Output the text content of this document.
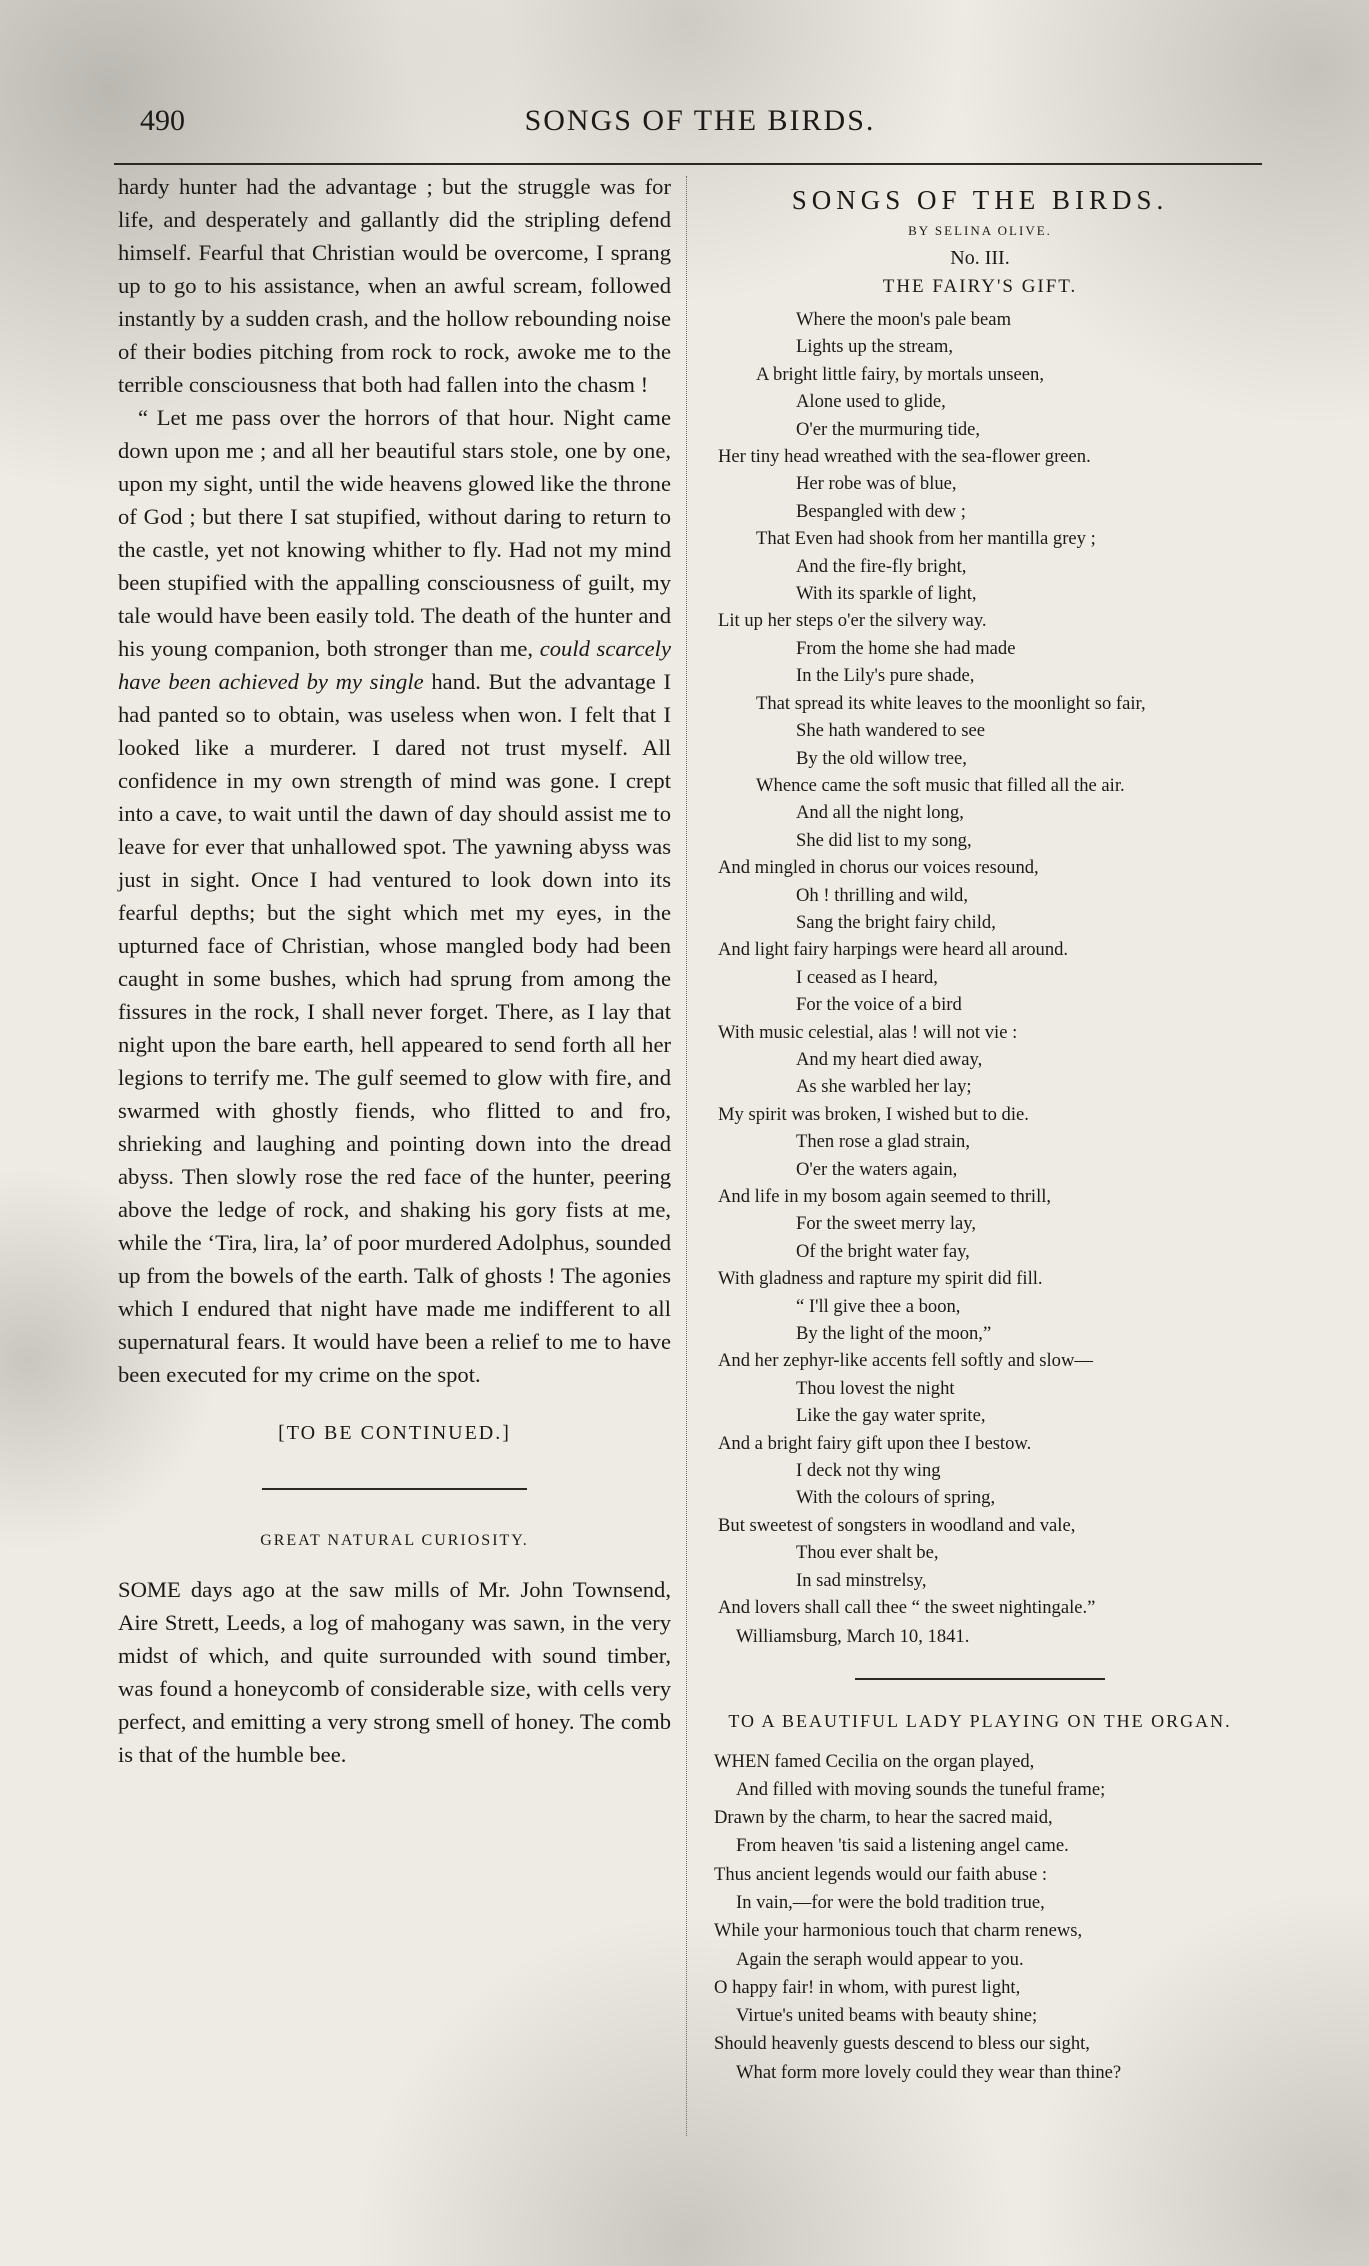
490	SONGS OF THE BIRDS.

hardy hunter had the advantage ; but the struggle was for life, and desperately and gallantly did the stripling defend himself. Fearful that Christian would be overcome, I sprang up to go to his assistance, when an awful scream, followed instantly by a sudden crash, and the hollow rebounding noise of their bodies pitching from rock to rock, awoke me to the terrible consciousness that both had fallen into the chasm !

“ Let me pass over the horrors of that hour. Night came down upon me ; and all her beautiful stars stole, one by one, upon my sight, until the wide heavens glowed like the throne of God ; but there I sat stupified, without daring to return to the castle, yet not knowing whither to fly. Had not my mind been stupified with the appalling consciousness of guilt, my tale would have been easily told. The death of the hunter and his young companion, both stronger than me, could scarcely have been achieved by my single hand. But the advantage I had panted so to obtain, was useless when won. I felt that I looked like a murderer. I dared not trust myself. All confidence in my own strength of mind was gone. I crept into a cave, to wait until the dawn of day should assist me to leave for ever that unhallowed spot. The yawning abyss was just in sight. Once I had ventured to look down into its fearful depths; but the sight which met my eyes, in the upturned face of Christian, whose mangled body had been caught in some bushes, which had sprung from among the fissures in the rock, I shall never forget. There, as I lay that night upon the bare earth, hell appeared to send forth all her legions to terrify me. The gulf seemed to glow with fire, and swarmed with ghostly fiends, who flitted to and fro, shrieking and laughing and pointing down into the dread abyss. Then slowly rose the red face of the hunter, peering above the ledge of rock, and shaking his gory fists at me, while the ‘Tira, lira, la’ of poor murdered Adolphus, sounded up from the bowels of the earth. Talk of ghosts ! The agonies which I endured that night have made me indifferent to all supernatural fears. It would have been a relief to me to have been executed for my crime on the spot.

[TO BE CONTINUED.]
GREAT NATURAL CURIOSITY.

SOME days ago at the saw mills of Mr. John Townsend, Aire Strett, Leeds, a log of mahogany was sawn, in the very midst of which, and quite surrounded with sound timber, was found a honeycomb of considerable size, with cells very perfect, and emitting a very strong smell of honey. The comb is that of the humble bee.

SONGS OF THE BIRDS.
BY SELINA OLIVE.
No. III.
THE FAIRY'S GIFT.
Where the moon's pale beam
Lights up the stream,
A bright little fairy, by mortals unseen,
Alone used to glide,
O'er the murmuring tide,
Her tiny head wreathed with the sea-flower green.
Her robe was of blue,
Bespangled with dew ;
That Even had shook from her mantilla grey ;
And the fire-fly bright,
With its sparkle of light,
Lit up her steps o'er the silvery way.
From the home she had made
In the Lily's pure shade,
That spread its white leaves to the moonlight so fair,
She hath wandered to see
By the old willow tree,
Whence came the soft music that filled all the air.
And all the night long,
She did list to my song,
And mingled in chorus our voices resound,
Oh ! thrilling and wild,
Sang the bright fairy child,
And light fairy harpings were heard all around.
I ceased as I heard,
For the voice of a bird
With music celestial, alas ! will not vie :
And my heart died away,
As she warbled her lay;
My spirit was broken, I wished but to die.
Then rose a glad strain,
O'er the waters again,
And life in my bosom again seemed to thrill,
For the sweet merry lay,
Of the bright water fay,
With gladness and rapture my spirit did fill.
“ I'll give thee a boon,
By the light of the moon,”
And her zephyr-like accents fell softly and slow—
Thou lovest the night
Like the gay water sprite,
And a bright fairy gift upon thee I bestow.
I deck not thy wing
With the colours of spring,
But sweetest of songsters in woodland and vale,
Thou ever shalt be,
In sad minstrelsy,
And lovers shall call thee “ the sweet nightingale.”
Williamsburg, March 10, 1841.
TO A BEAUTIFUL LADY PLAYING ON THE ORGAN.
WHEN famed Cecilia on the organ played,
And filled with moving sounds the tuneful frame;
Drawn by the charm, to hear the sacred maid,
From heaven 'tis said a listening angel came.
Thus ancient legends would our faith abuse :
In vain,—for were the bold tradition true,
While your harmonious touch that charm renews,
Again the seraph would appear to you.
O happy fair! in whom, with purest light,
Virtue's united beams with beauty shine;
Should heavenly guests descend to bless our sight,
What form more lovely could they wear than thine?
